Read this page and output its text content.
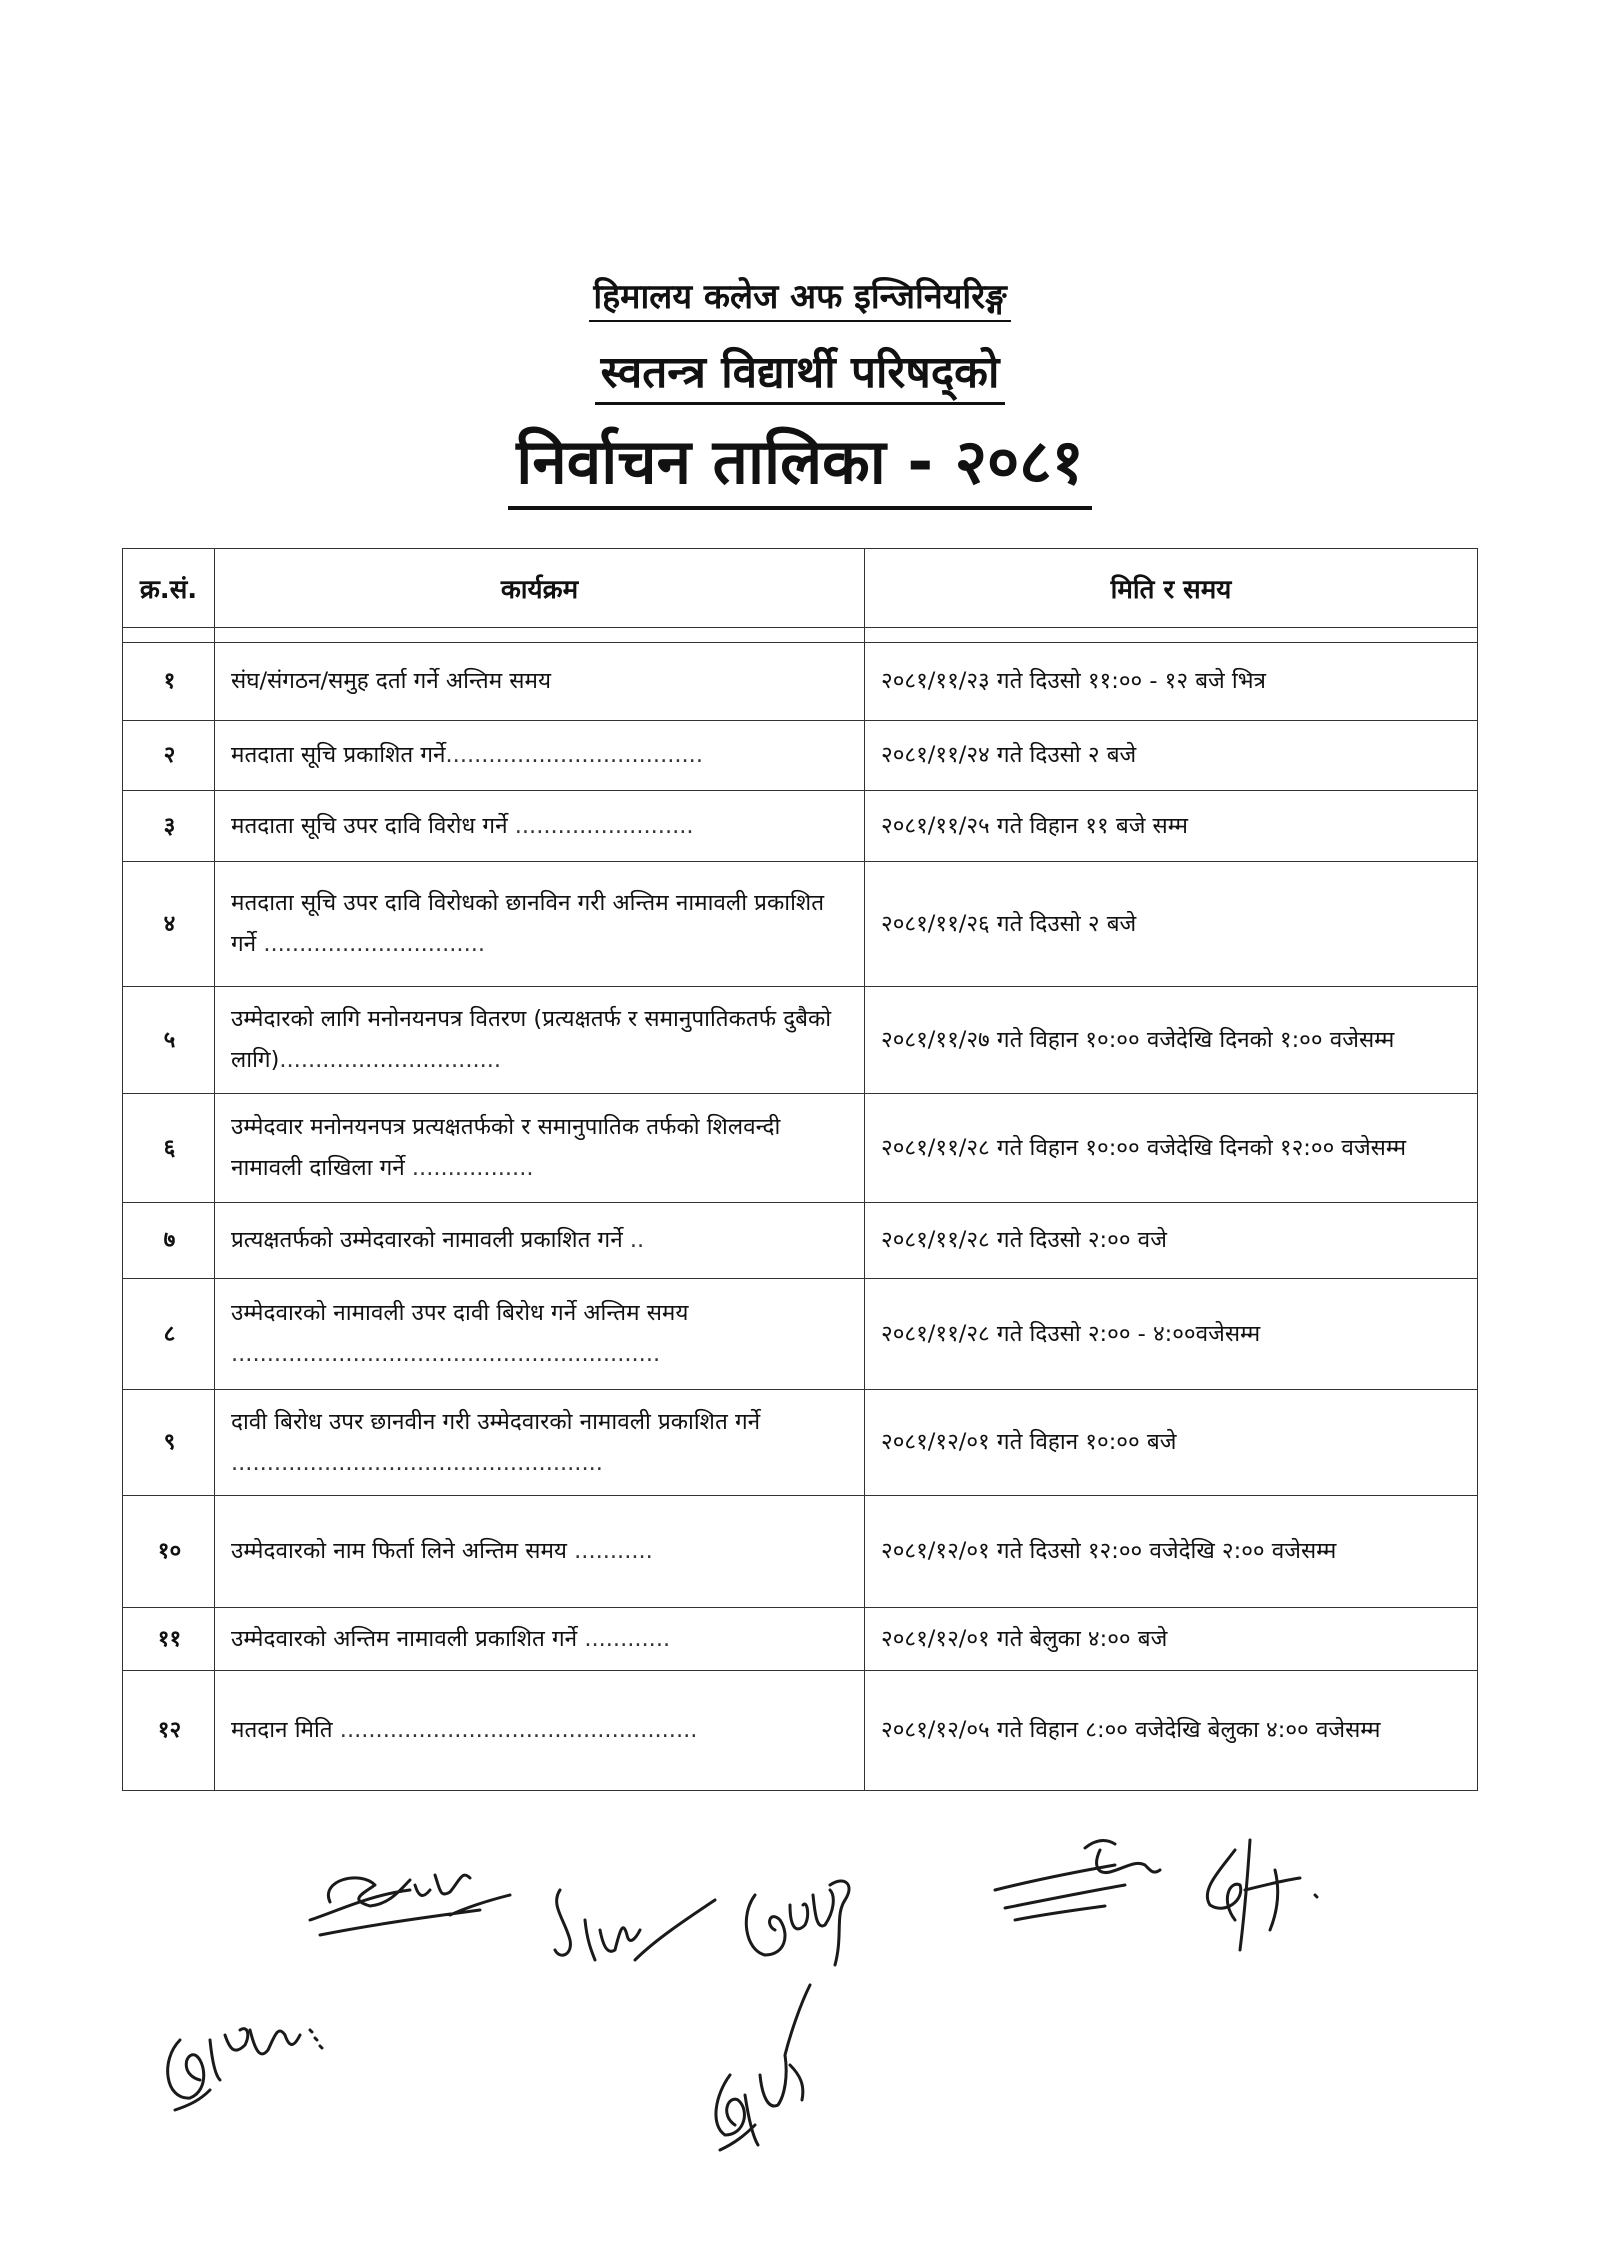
हिमालय कलेज अफ इन्जिनियरिङ्ग
स्वतन्त्र विद्यार्थी परिषद्को
निर्वाचन तालिका - २०८१
क्र.सं.	कार्यक्रम	मिति र समय

१	संघ/संगठन/समुह दर्ता गर्ने अन्तिम समय	२०८१/११/२३ गते दिउसो ११:०० - १२ बजे भित्र
२	मतदाता सूचि प्रकाशित गर्ने....................................	२०८१/११/२४ गते दिउसो २ बजे
३	मतदाता सूचि उपर दावि विरोध गर्ने .........................	२०८१/११/२५ गते विहान ११ बजे सम्म
४	मतदाता सूचि उपर दावि विरोधको छानविन गरी अन्तिम नामावली प्रकाशित गर्ने ...............................	२०८१/११/२६ गते दिउसो २ बजे
५	उम्मेदारको लागि मनोनयनपत्र वितरण (प्रत्यक्षतर्फ र समानुपातिकतर्फ दुबैको लागि)...............................	२०८१/११/२७ गते विहान १०:०० वजेदेखि दिनको १:०० वजेसम्म
६	उम्मेदवार मनोनयनपत्र प्रत्यक्षतर्फको र समानुपातिक तर्फको शिलवन्दी नामावली दाखिला गर्ने .................	२०८१/११/२८ गते विहान १०:०० वजेदेखि दिनको १२:०० वजेसम्म
७	प्रत्यक्षतर्फको उम्मेदवारको नामावली प्रकाशित गर्ने ..	२०८१/११/२८ गते दिउसो २:०० वजे
८	उम्मेदवारको नामावली उपर दावी बिरोध गर्ने अन्तिम समय ............................................................	२०८१/११/२८ गते दिउसो २:०० - ४:००वजेसम्म
९	दावी बिरोध उपर छानवीन गरी उम्मेदवारको नामावली प्रकाशित गर्ने ....................................................	२०८१/१२/०१ गते विहान १०:०० बजे
१०	उम्मेदवारको नाम फिर्ता लिने अन्तिम समय ...........	२०८१/१२/०१ गते दिउसो १२:०० वजेदेखि २:०० वजेसम्म
११	उम्मेदवारको अन्तिम नामावली प्रकाशित गर्ने ............	२०८१/१२/०१ गते बेलुका ४:०० बजे
१२	मतदान मिति ..................................................	२०८१/१२/०५ गते विहान ८:०० वजेदेखि बेलुका ४:०० वजेसम्म
